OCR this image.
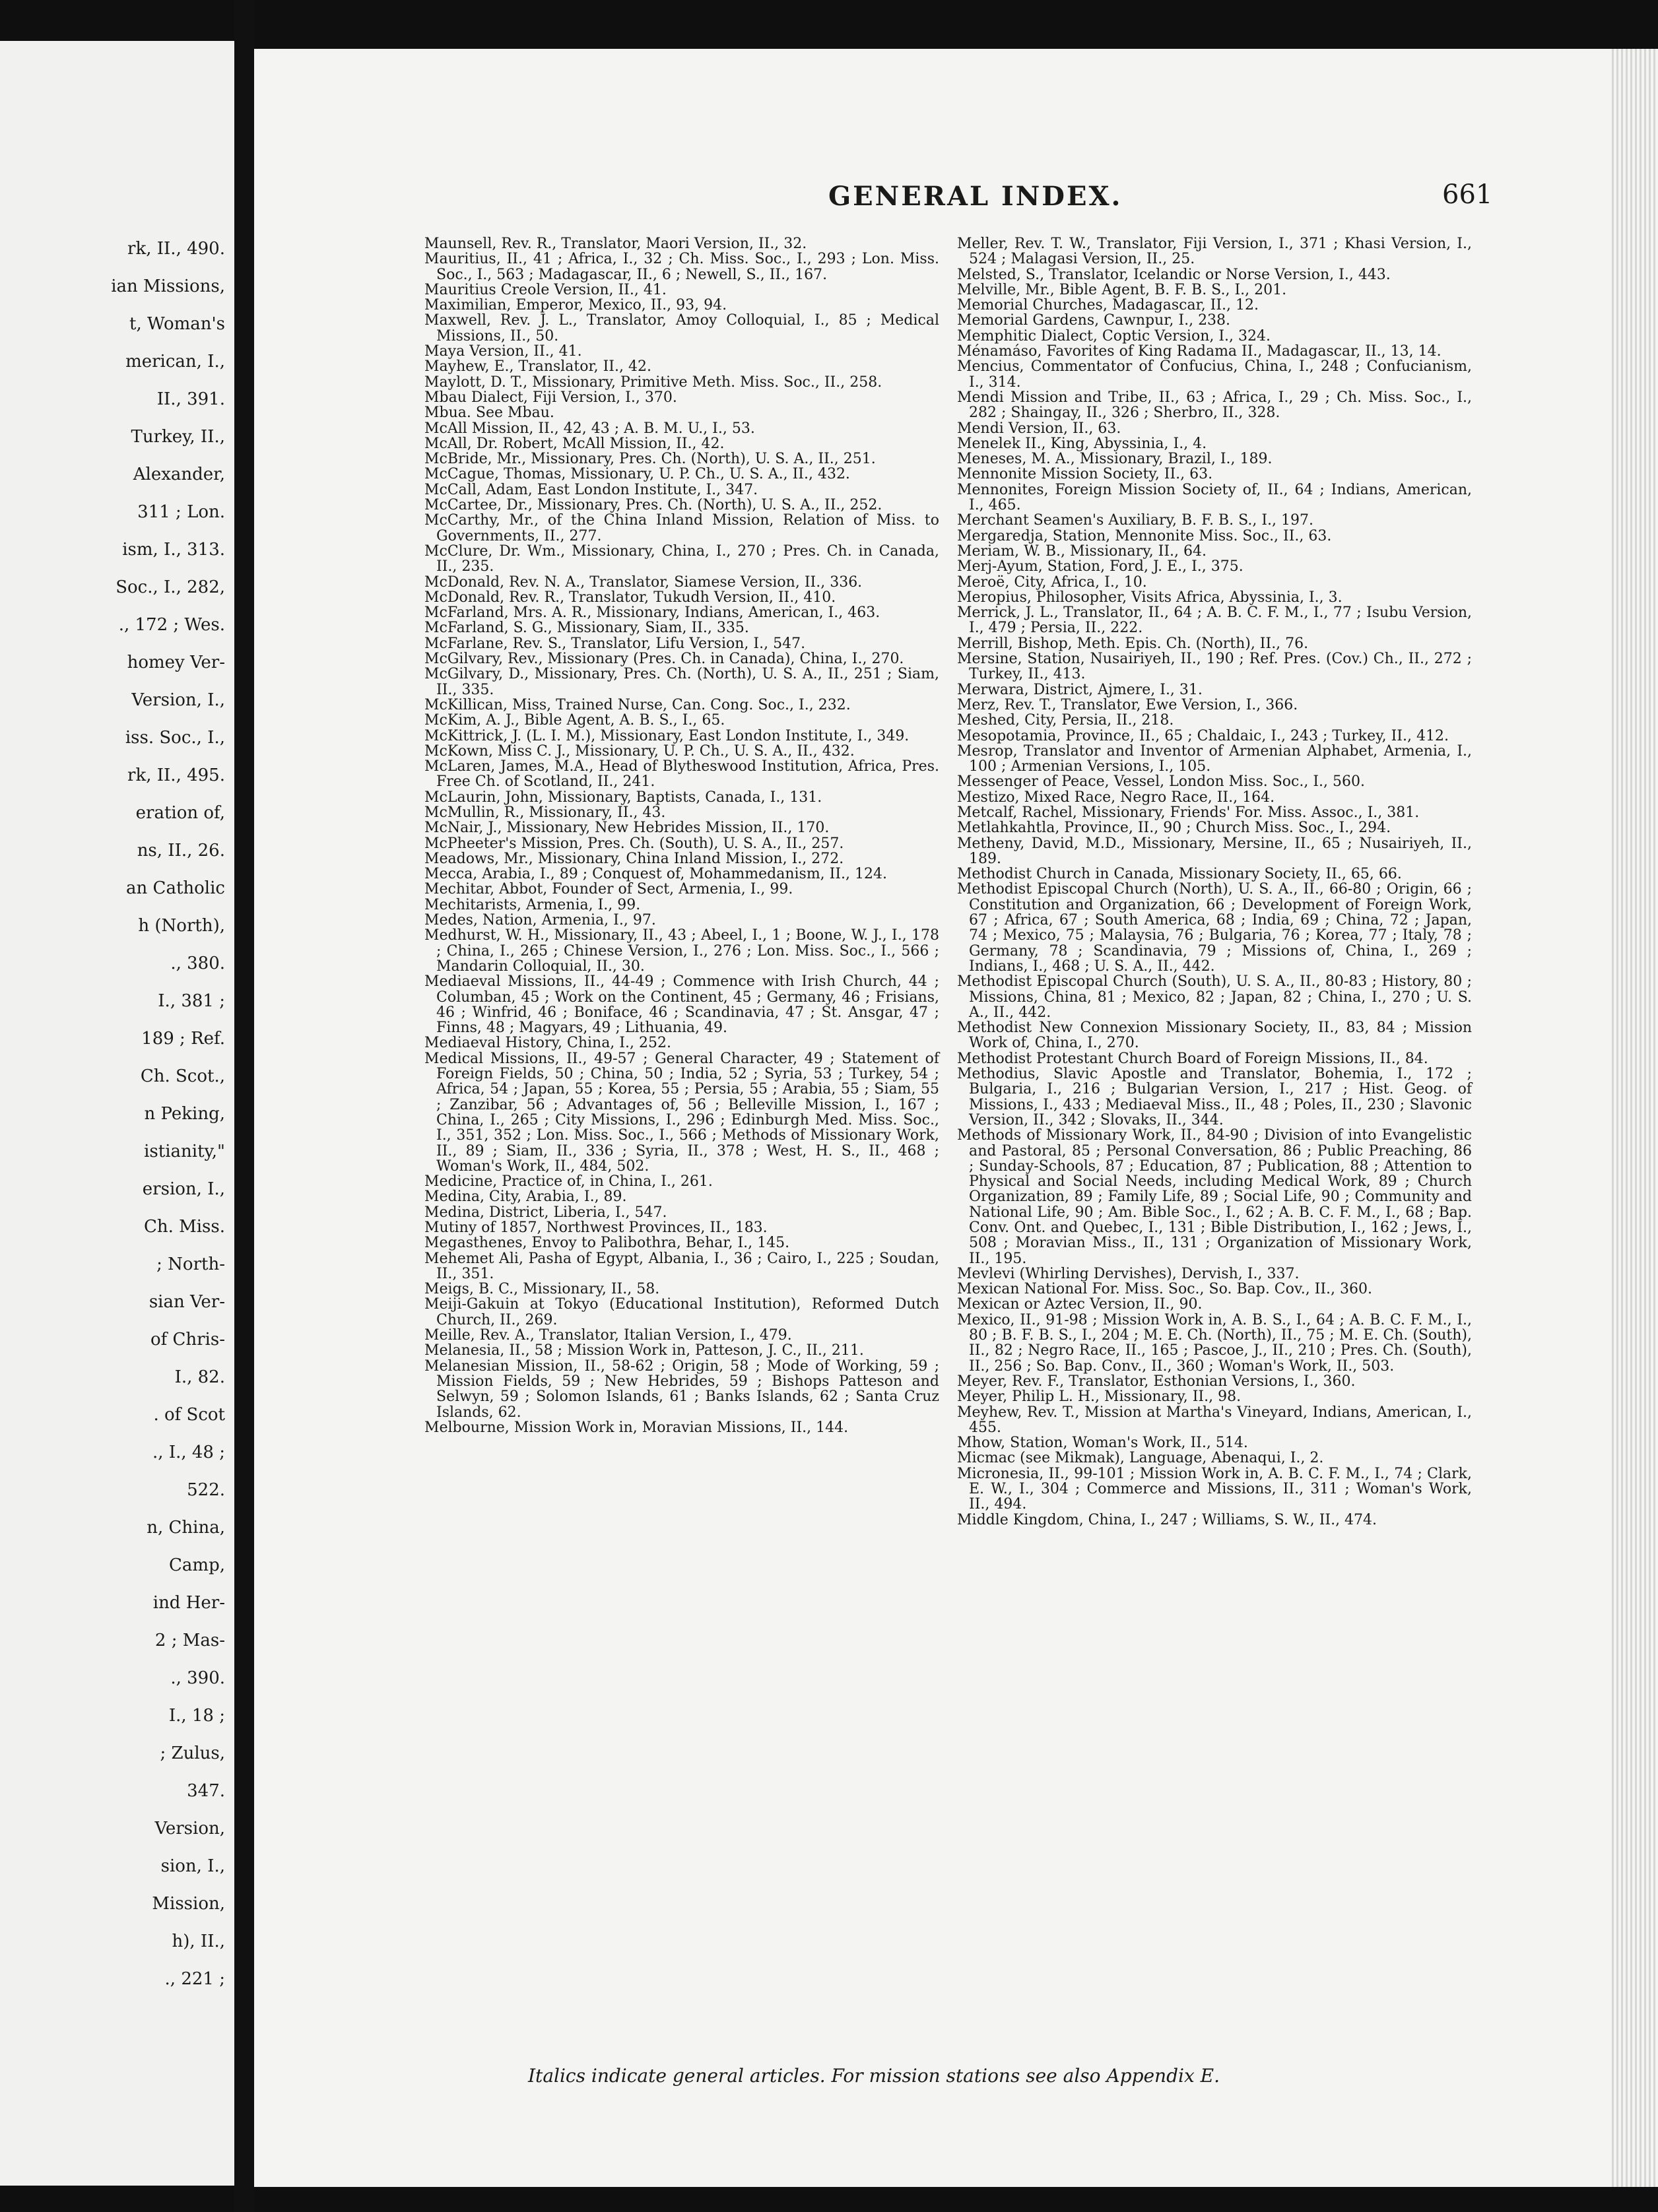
rk, II., 490.
ian Missions,
t, Woman's
merican, I.,
II., 391.
Turkey, II.,
Alexander,
311 ; Lon.
ism, I., 313.
Soc., I., 282,
., 172 ; Wes.
homey Ver-
Version, I.,
iss. Soc., I.,
rk, II., 495.
eration of,
ns, II., 26.
an Catholic
h (North),
., 380.
I., 381 ;
189 ; Ref.
Ch. Scot.,
n Peking,
istianity,"
ersion, I.,
Ch. Miss.
; North-
sian Ver-
of Chris-
I., 82.
. of Scot
., I., 48 ;
522.
n, China,
Camp,
ind Her-
2 ; Mas-
., 390.
I., 18 ;
; Zulus,
347.
Version,
sion, I.,
Mission,
h), II.,
., 221 ;
GENERAL INDEX.	661

Maunsell, Rev. R., Translator, Maori Version, II., 32.

Mauritius, II., 41 ; Africa, I., 32 ; Ch. Miss. Soc., I., 293 ; Lon. Miss. Soc., I., 563 ; Madagascar, II., 6 ; Newell, S., II., 167.

Mauritius Creole Version, II., 41.

Maximilian, Emperor, Mexico, II., 93, 94.

Maxwell, Rev. J. L., Translator, Amoy Colloquial, I., 85 ; Medical Missions, II., 50.

Maya Version, II., 41.

Mayhew, E., Translator, II., 42.

Maylott, D. T., Missionary, Primitive Meth. Miss. Soc., II., 258.

Mbau Dialect, Fiji Version, I., 370.

Mbua. See Mbau.

McAll Mission, II., 42, 43 ; A. B. M. U., I., 53.

McAll, Dr. Robert, McAll Mission, II., 42.

McBride, Mr., Missionary, Pres. Ch. (North), U. S. A., II., 251.

McCague, Thomas, Missionary, U. P. Ch., U. S. A., II., 432.

McCall, Adam, East London Institute, I., 347.

McCartee, Dr., Missionary, Pres. Ch. (North), U. S. A., II., 252.

McCarthy, Mr., of the China Inland Mission, Relation of Miss. to Governments, II., 277.

McClure, Dr. Wm., Missionary, China, I., 270 ; Pres. Ch. in Canada, II., 235.

McDonald, Rev. N. A., Translator, Siamese Version, II., 336.

McDonald, Rev. R., Translator, Tukudh Version, II., 410.

McFarland, Mrs. A. R., Missionary, Indians, American, I., 463.

McFarland, S. G., Missionary, Siam, II., 335.

McFarlane, Rev. S., Translator, Lifu Version, I., 547.

McGilvary, Rev., Missionary (Pres. Ch. in Canada), China, I., 270.

McGilvary, D., Missionary, Pres. Ch. (North), U. S. A., II., 251 ; Siam, II., 335.

McKillican, Miss, Trained Nurse, Can. Cong. Soc., I., 232.

McKim, A. J., Bible Agent, A. B. S., I., 65.

McKittrick, J. (L. I. M.), Missionary, East London Institute, I., 349.

McKown, Miss C. J., Missionary, U. P. Ch., U. S. A., II., 432.

McLaren, James, M.A., Head of Blytheswood Institution, Africa, Pres. Free Ch. of Scotland, II., 241.

McLaurin, John, Missionary, Baptists, Canada, I., 131.

McMullin, R., Missionary, II., 43.

McNair, J., Missionary, New Hebrides Mission, II., 170.

McPheeter's Mission, Pres. Ch. (South), U. S. A., II., 257.

Meadows, Mr., Missionary, China Inland Mission, I., 272.

Mecca, Arabia, I., 89 ; Conquest of, Mohammedanism, II., 124.

Mechitar, Abbot, Founder of Sect, Armenia, I., 99.

Mechitarists, Armenia, I., 99.

Medes, Nation, Armenia, I., 97.

Medhurst, W. H., Missionary, II., 43 ; Abeel, I., 1 ; Boone, W. J., I., 178 ; China, I., 265 ; Chinese Version, I., 276 ; Lon. Miss. Soc., I., 566 ; Mandarin Colloquial, II., 30.

Mediaeval Missions, II., 44-49 ; Commence with Irish Church, 44 ; Columban, 45 ; Work on the Continent, 45 ; Germany, 46 ; Frisians, 46 ; Winfrid, 46 ; Boniface, 46 ; Scandinavia, 47 ; St. Ansgar, 47 ; Finns, 48 ; Magyars, 49 ; Lithuania, 49.

Mediaeval History, China, I., 252.

Medical Missions, II., 49-57 ; General Character, 49 ; Statement of Foreign Fields, 50 ; China, 50 ; India, 52 ; Syria, 53 ; Turkey, 54 ; Africa, 54 ; Japan, 55 ; Korea, 55 ; Persia, 55 ; Arabia, 55 ; Siam, 55 ; Zanzibar, 56 ; Advantages of, 56 ; Belleville Mission, I., 167 ; China, I., 265 ; City Missions, I., 296 ; Edinburgh Med. Miss. Soc., I., 351, 352 ; Lon. Miss. Soc., I., 566 ; Methods of Missionary Work, II., 89 ; Siam, II., 336 ; Syria, II., 378 ; West, H. S., II., 468 ; Woman's Work, II., 484, 502.

Medicine, Practice of, in China, I., 261.

Medina, City, Arabia, I., 89.

Medina, District, Liberia, I., 547.

Mutiny of 1857, Northwest Provinces, II., 183.

Megasthenes, Envoy to Palibothra, Behar, I., 145.

Mehemet Ali, Pasha of Egypt, Albania, I., 36 ; Cairo, I., 225 ; Soudan, II., 351.

Meigs, B. C., Missionary, II., 58.

Meiji-Gakuin at Tokyo (Educational Institution), Reformed Dutch Church, II., 269.

Meille, Rev. A., Translator, Italian Version, I., 479.

Melanesia, II., 58 ; Mission Work in, Patteson, J. C., II., 211.

Melanesian Mission, II., 58-62 ; Origin, 58 ; Mode of Working, 59 ; Mission Fields, 59 ; New Hebrides, 59 ; Bishops Patteson and Selwyn, 59 ; Solomon Islands, 61 ; Banks Islands, 62 ; Santa Cruz Islands, 62.

Melbourne, Mission Work in, Moravian Missions, II., 144.

Meller, Rev. T. W., Translator, Fiji Version, I., 371 ; Khasi Version, I., 524 ; Malagasi Version, II., 25.

Melsted, S., Translator, Icelandic or Norse Version, I., 443.

Melville, Mr., Bible Agent, B. F. B. S., I., 201.

Memorial Churches, Madagascar, II., 12.

Memorial Gardens, Cawnpur, I., 238.

Memphitic Dialect, Coptic Version, I., 324.

Ménamáso, Favorites of King Radama II., Madagascar, II., 13, 14.

Mencius, Commentator of Confucius, China, I., 248 ; Confucianism, I., 314.

Mendi Mission and Tribe, II., 63 ; Africa, I., 29 ; Ch. Miss. Soc., I., 282 ; Shaingay, II., 326 ; Sherbro, II., 328.

Mendi Version, II., 63.

Menelek II., King, Abyssinia, I., 4.

Meneses, M. A., Missionary, Brazil, I., 189.

Mennonite Mission Society, II., 63.

Mennonites, Foreign Mission Society of, II., 64 ; Indians, American, I., 465.

Merchant Seamen's Auxiliary, B. F. B. S., I., 197.

Mergaredja, Station, Mennonite Miss. Soc., II., 63.

Meriam, W. B., Missionary, II., 64.

Merj-Ayum, Station, Ford, J. E., I., 375.

Meroë, City, Africa, I., 10.

Meropius, Philosopher, Visits Africa, Abyssinia, I., 3.

Merrick, J. L., Translator, II., 64 ; A. B. C. F. M., I., 77 ; Isubu Version, I., 479 ; Persia, II., 222.

Merrill, Bishop, Meth. Epis. Ch. (North), II., 76.

Mersine, Station, Nusairiyeh, II., 190 ; Ref. Pres. (Cov.) Ch., II., 272 ; Turkey, II., 413.

Merwara, District, Ajmere, I., 31.

Merz, Rev. T., Translator, Ewe Version, I., 366.

Meshed, City, Persia, II., 218.

Mesopotamia, Province, II., 65 ; Chaldaic, I., 243 ; Turkey, II., 412.

Mesrop, Translator and Inventor of Armenian Alphabet, Armenia, I., 100 ; Armenian Versions, I., 105.

Messenger of Peace, Vessel, London Miss. Soc., I., 560.

Mestizo, Mixed Race, Negro Race, II., 164.

Metcalf, Rachel, Missionary, Friends' For. Miss. Assoc., I., 381.

Metlahkahtla, Province, II., 90 ; Church Miss. Soc., I., 294.

Metheny, David, M.D., Missionary, Mersine, II., 65 ; Nusairiyeh, II., 189.

Methodist Church in Canada, Missionary Society, II., 65, 66.

Methodist Episcopal Church (North), U. S. A., II., 66-80 ; Origin, 66 ; Constitution and Organization, 66 ; Development of Foreign Work, 67 ; Africa, 67 ; South America, 68 ; India, 69 ; China, 72 ; Japan, 74 ; Mexico, 75 ; Malaysia, 76 ; Bulgaria, 76 ; Korea, 77 ; Italy, 78 ; Germany, 78 ; Scandinavia, 79 ; Missions of, China, I., 269 ; Indians, I., 468 ; U. S. A., II., 442.

Methodist Episcopal Church (South), U. S. A., II., 80-83 ; History, 80 ; Missions, China, 81 ; Mexico, 82 ; Japan, 82 ; China, I., 270 ; U. S. A., II., 442.

Methodist New Connexion Missionary Society, II., 83, 84 ; Mission Work of, China, I., 270.

Methodist Protestant Church Board of Foreign Missions, II., 84.

Methodius, Slavic Apostle and Translator, Bohemia, I., 172 ; Bulgaria, I., 216 ; Bulgarian Version, I., 217 ; Hist. Geog. of Missions, I., 433 ; Mediaeval Miss., II., 48 ; Poles, II., 230 ; Slavonic Version, II., 342 ; Slovaks, II., 344.

Methods of Missionary Work, II., 84-90 ; Division of into Evangelistic and Pastoral, 85 ; Personal Conversation, 86 ; Public Preaching, 86 ; Sunday-Schools, 87 ; Education, 87 ; Publication, 88 ; Attention to Physical and Social Needs, including Medical Work, 89 ; Church Organization, 89 ; Family Life, 89 ; Social Life, 90 ; Community and National Life, 90 ; Am. Bible Soc., I., 62 ; A. B. C. F. M., I., 68 ; Bap. Conv. Ont. and Quebec, I., 131 ; Bible Distribution, I., 162 ; Jews, I., 508 ; Moravian Miss., II., 131 ; Organization of Missionary Work, II., 195.

Mevlevi (Whirling Dervishes), Dervish, I., 337.

Mexican National For. Miss. Soc., So. Bap. Cov., II., 360.

Mexican or Aztec Version, II., 90.

Mexico, II., 91-98 ; Mission Work in, A. B. S., I., 64 ; A. B. C. F. M., I., 80 ; B. F. B. S., I., 204 ; M. E. Ch. (North), II., 75 ; M. E. Ch. (South), II., 82 ; Negro Race, II., 165 ; Pascoe, J., II., 210 ; Pres. Ch. (South), II., 256 ; So. Bap. Conv., II., 360 ; Woman's Work, II., 503.

Meyer, Rev. F., Translator, Esthonian Versions, I., 360.

Meyer, Philip L. H., Missionary, II., 98.

Meyhew, Rev. T., Mission at Martha's Vineyard, Indians, American, I., 455.

Mhow, Station, Woman's Work, II., 514.

Micmac (see Mikmak), Language, Abenaqui, I., 2.

Micronesia, II., 99-101 ; Mission Work in, A. B. C. F. M., I., 74 ; Clark, E. W., I., 304 ; Commerce and Missions, II., 311 ; Woman's Work, II., 494.

Middle Kingdom, China, I., 247 ; Williams, S. W., II., 474.

Italics indicate general articles. For mission stations see also Appendix E.
